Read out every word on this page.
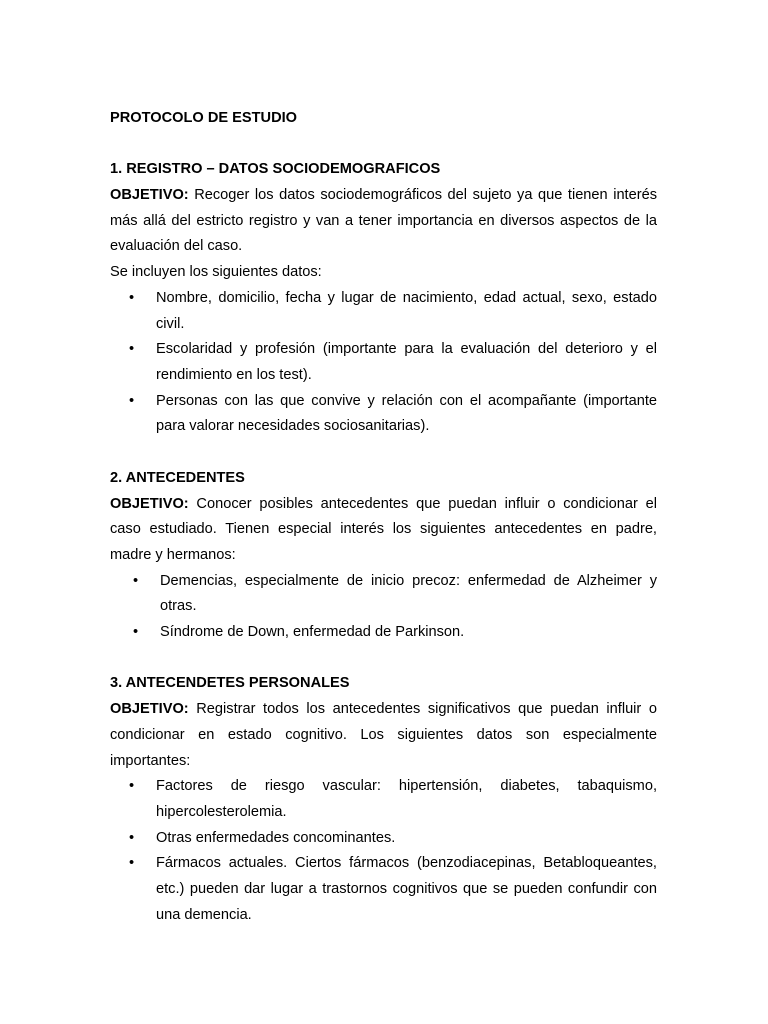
PROTOCOLO DE ESTUDIO

1. REGISTRO – DATOS SOCIODEMOGRAFICOS

OBJETIVO: Recoger los datos sociodemográficos del sujeto ya que tienen interés más allá del estricto registro y van a tener importancia en diversos aspectos de la evaluación del caso.

Se incluyen los siguientes datos:

• Nombre, domicilio, fecha y lugar de nacimiento, edad actual, sexo, estado civil.
• Escolaridad y profesión (importante para la evaluación del deterioro y el rendimiento en los test).
• Personas con las que convive y relación con el acompañante (importante para valorar necesidades sociosanitarias).

2. ANTECEDENTES

OBJETIVO: Conocer posibles antecedentes que puedan influir o condicionar el caso estudiado. Tienen especial interés los siguientes antecedentes en padre, madre y hermanos:

• Demencias, especialmente de inicio precoz: enfermedad de Alzheimer y otras.
• Síndrome de Down, enfermedad de Parkinson.

3. ANTECENDETES PERSONALES

OBJETIVO: Registrar todos los antecedentes significativos que puedan influir o condicionar en estado cognitivo. Los siguientes datos son especialmente importantes:

• Factores de riesgo vascular: hipertensión, diabetes, tabaquismo, hipercolesterolemia.
• Otras enfermedades concominantes.
• Fármacos actuales. Ciertos fármacos (benzodiacepinas, Betabloqueantes, etc.) pueden dar lugar a trastornos cognitivos que se pueden confundir con una demencia.
